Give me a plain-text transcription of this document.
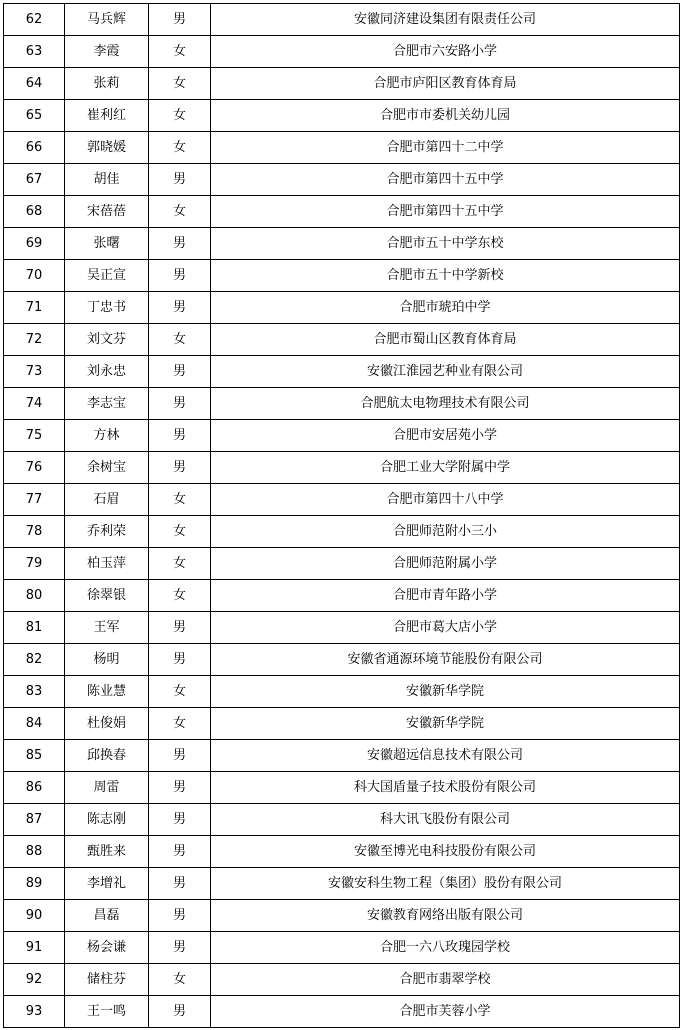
62	马兵辉	男	安徽同济建设集团有限责任公司
63	李霞	女	合肥市六安路小学
64	张莉	女	合肥市庐阳区教育体育局
65	崔利红	女	合肥市市委机关幼儿园
66	郭晓媛	女	合肥市第四十二中学
67	胡佳	男	合肥市第四十五中学
68	宋蓓蓓	女	合肥市第四十五中学
69	张曙	男	合肥市五十中学东校
70	吴正宣	男	合肥市五十中学新校
71	丁忠书	男	合肥市琥珀中学
72	刘文芬	女	合肥市蜀山区教育体育局
73	刘永忠	男	安徽江淮园艺种业有限公司
74	李志宝	男	合肥航太电物理技术有限公司
75	方林	男	合肥市安居苑小学
76	余树宝	男	合肥工业大学附属中学
77	石眉	女	合肥市第四十八中学
78	乔利荣	女	合肥师范附小三小
79	柏玉萍	女	合肥师范附属小学
80	徐翠银	女	合肥市青年路小学
81	王军	男	合肥市葛大店小学
82	杨明	男	安徽省通源环境节能股份有限公司
83	陈业慧	女	安徽新华学院
84	杜俊娟	女	安徽新华学院
85	邱换春	男	安徽超远信息技术有限公司
86	周雷	男	科大国盾量子技术股份有限公司
87	陈志刚	男	科大讯飞股份有限公司
88	甄胜来	男	安徽至博光电科技股份有限公司
89	李增礼	男	安徽安科生物工程（集团）股份有限公司
90	昌磊	男	安徽教育网络出版有限公司
91	杨会谦	男	合肥一六八玫瑰园学校
92	储柱芬	女	合肥市翡翠学校
93	王一鸣	男	合肥市芙蓉小学
